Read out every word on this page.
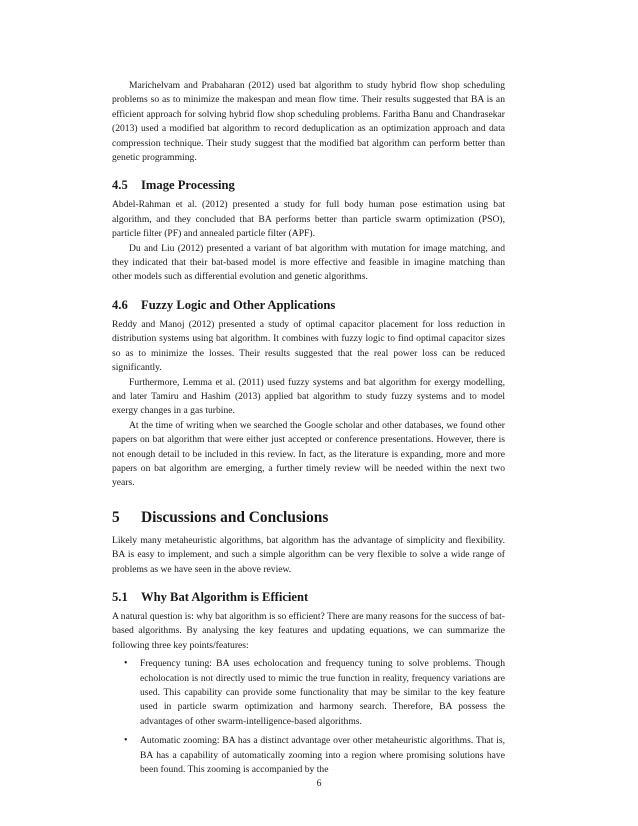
Marichelvam and Prabaharan (2012) used bat algorithm to study hybrid flow shop scheduling problems so as to minimize the makespan and mean flow time. Their results suggested that BA is an efficient approach for solving hybrid flow shop scheduling problems. Faritha Banu and Chandrasekar (2013) used a modified bat algorithm to record deduplication as an optimization approach and data compression technique. Their study suggest that the modified bat algorithm can perform better than genetic programming.

4.5 Image Processing

Abdel-Rahman et al. (2012) presented a study for full body human pose estimation using bat algorithm, and they concluded that BA performs better than particle swarm optimization (PSO), particle filter (PF) and annealed particle filter (APF).

Du and Liu (2012) presented a variant of bat algorithm with mutation for image matching, and they indicated that their bat-based model is more effective and feasible in imagine matching than other models such as differential evolution and genetic algorithms.

4.6 Fuzzy Logic and Other Applications

Reddy and Manoj (2012) presented a study of optimal capacitor placement for loss reduction in distribution systems using bat algorithm. It combines with fuzzy logic to find optimal capacitor sizes so as to minimize the losses. Their results suggested that the real power loss can be reduced significantly.

Furthermore, Lemma et al. (2011) used fuzzy systems and bat algorithm for exergy modelling, and later Tamiru and Hashim (2013) applied bat algorithm to study fuzzy systems and to model exergy changes in a gas turbine.

At the time of writing when we searched the Google scholar and other databases, we found other papers on bat algorithm that were either just accepted or conference presentations. However, there is not enough detail to be included in this review. In fact, as the literature is expanding, more and more papers on bat algorithm are emerging, a further timely review will be needed within the next two years.

5 Discussions and Conclusions

Likely many metaheuristic algorithms, bat algorithm has the advantage of simplicity and flexibility. BA is easy to implement, and such a simple algorithm can be very flexible to solve a wide range of problems as we have seen in the above review.

5.1 Why Bat Algorithm is Efficient

A natural question is: why bat algorithm is so efficient? There are many reasons for the success of bat-based algorithms. By analysing the key features and updating equations, we can summarize the following three key points/features:

• Frequency tuning: BA uses echolocation and frequency tuning to solve problems. Though echolocation is not directly used to mimic the true function in reality, frequency variations are used. This capability can provide some functionality that may be similar to the key feature used in particle swarm optimization and harmony search. Therefore, BA possess the advantages of other swarm-intelligence-based algorithms.

• Automatic zooming: BA has a distinct advantage over other metaheuristic algorithms. That is, BA has a capability of automatically zooming into a region where promising solutions have been found. This zooming is accompanied by the

6
